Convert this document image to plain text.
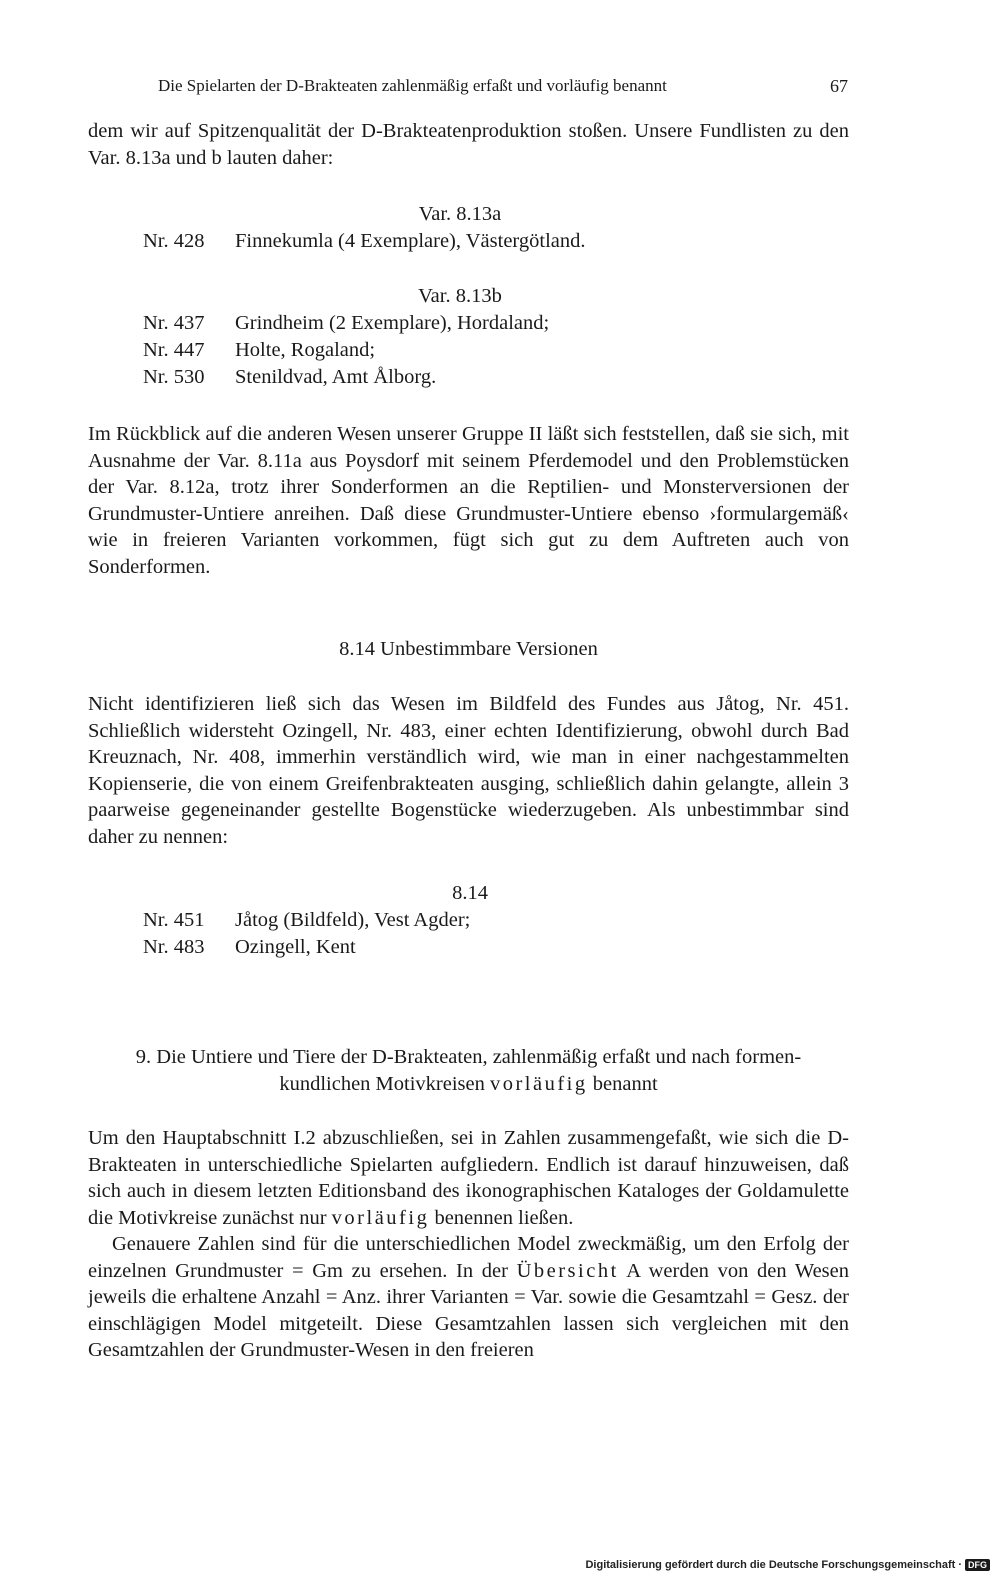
Die Spielarten der D-Brakteaten zahlenmäßig erfaßt und vorläufig benannt	67

dem wir auf Spitzenqualität der D-Brakteatenproduktion stoßen. Unsere Fundlisten zu den Var. 8.13a und b lauten daher:

Var. 8.13a
Nr. 428 Finnekumla (4 Exemplare), Västergötland.
Var. 8.13b
Nr. 437 Grindheim (2 Exemplare), Hordaland;
Nr. 447 Holte, Rogaland;
Nr. 530 Stenildvad, Amt Ålborg.

Im Rückblick auf die anderen Wesen unserer Gruppe II läßt sich feststellen, daß sie sich, mit Ausnahme der Var. 8.11a aus Poysdorf mit seinem Pferdemodel und den Problemstücken der Var. 8.12a, trotz ihrer Sonderformen an die Reptilien- und Monsterversionen der Grundmuster-Untiere anreihen. Daß diese Grundmuster-Untiere ebenso ›formulargemäß‹ wie in freieren Varianten vorkommen, fügt sich gut zu dem Auftreten auch von Sonderformen.

8.14 Unbestimmbare Versionen

Nicht identifizieren ließ sich das Wesen im Bildfeld des Fundes aus Jåtog, Nr. 451. Schließlich widersteht Ozingell, Nr. 483, einer echten Identifizierung, obwohl durch Bad Kreuznach, Nr. 408, immerhin verständlich wird, wie man in einer nachgestammelten Kopienserie, die von einem Greifenbrakteaten ausging, schließlich dahin gelangte, allein 3 paarweise gegeneinander gestellte Bogenstücke wiederzugeben. Als unbestimmbar sind daher zu nennen:

8.14
Nr. 451 Jåtog (Bildfeld), Vest Agder;
Nr. 483 Ozingell, Kent
9. Die Untiere und Tiere der D-Brakteaten, zahlenmäßig erfaßt und nach formen-
kundlichen Motivkreisen vorläufig benannt

Um den Hauptabschnitt I.2 abzuschließen, sei in Zahlen zusammengefaßt, wie sich die D-Brakteaten in unterschiedliche Spielarten aufgliedern. Endlich ist darauf hinzuweisen, daß sich auch in diesem letzten Editionsband des ikonographischen Kataloges der Goldamulette die Motivkreise zunächst nur vorläufig benennen ließen.

Genauere Zahlen sind für die unterschiedlichen Model zweckmäßig, um den Erfolg der einzelnen Grundmuster = Gm zu ersehen. In der Übersicht A werden von den Wesen jeweils die erhaltene Anzahl = Anz. ihrer Varianten = Var. sowie die Gesamtzahl = Gesz. der einschlägigen Model mitgeteilt. Diese Gesamtzahlen lassen sich vergleichen mit den Gesamtzahlen der Grundmuster-Wesen in den freieren

Digitalisierung gefördert durch die Deutsche Forschungsgemeinschaft · DFG
